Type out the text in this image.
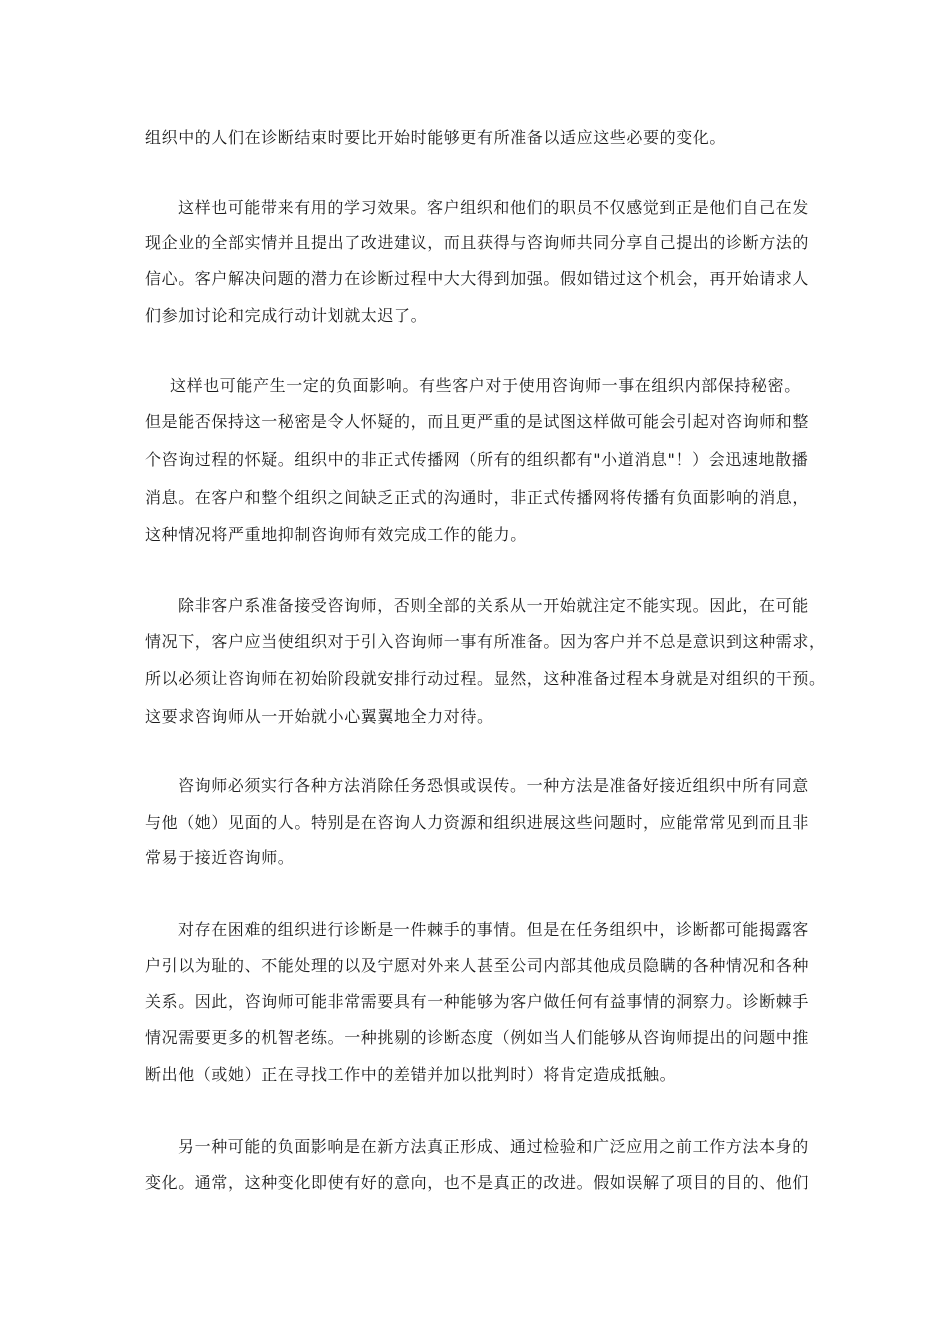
组织中的人们在诊断结束时要比开始时能够更有所准备以适应这些必要的变化。

这样也可能带来有用的学习效果。客户组织和他们的职员不仅感觉到正是他们自己在发

现企业的全部实情并且提出了改进建议，而且获得与咨询师共同分享自己提出的诊断方法的

信心。客户解决问题的潜力在诊断过程中大大得到加强。假如错过这个机会，再开始请求人

们参加讨论和完成行动计划就太迟了。

这样也可能产生一定的负面影响。有些客户对于使用咨询师一事在组织内部保持秘密。

但是能否保持这一秘密是令人怀疑的，而且更严重的是试图这样做可能会引起对咨询师和整

个咨询过程的怀疑。组织中的非正式传播网（所有的组织都有"小道消息"！）会迅速地散播

消息。在客户和整个组织之间缺乏正式的沟通时，非正式传播网将传播有负面影响的消息，

这种情况将严重地抑制咨询师有效完成工作的能力。

除非客户系准备接受咨询师，否则全部的关系从一开始就注定不能实现。因此，在可能

情况下，客户应当使组织对于引入咨询师一事有所准备。因为客户并不总是意识到这种需求，

所以必须让咨询师在初始阶段就安排行动过程。显然，这种准备过程本身就是对组织的干预。

这要求咨询师从一开始就小心翼翼地全力对待。

咨询师必须实行各种方法消除任务恐惧或误传。一种方法是准备好接近组织中所有同意

与他（她）见面的人。特别是在咨询人力资源和组织进展这些问题时，应能常常见到而且非

常易于接近咨询师。

对存在困难的组织进行诊断是一件棘手的事情。但是在任务组织中，诊断都可能揭露客

户引以为耻的、不能处理的以及宁愿对外来人甚至公司内部其他成员隐瞒的各种情况和各种

关系。因此，咨询师可能非常需要具有一种能够为客户做任何有益事情的洞察力。诊断棘手

情况需要更多的机智老练。一种挑剔的诊断态度（例如当人们能够从咨询师提出的问题中推

断出他（或她）正在寻找工作中的差错并加以批判时）将肯定造成抵触。

另一种可能的负面影响是在新方法真正形成、通过检验和广泛应用之前工作方法本身的

变化。通常，这种变化即使有好的意向，也不是真正的改进。假如误解了项目的目的、他们
